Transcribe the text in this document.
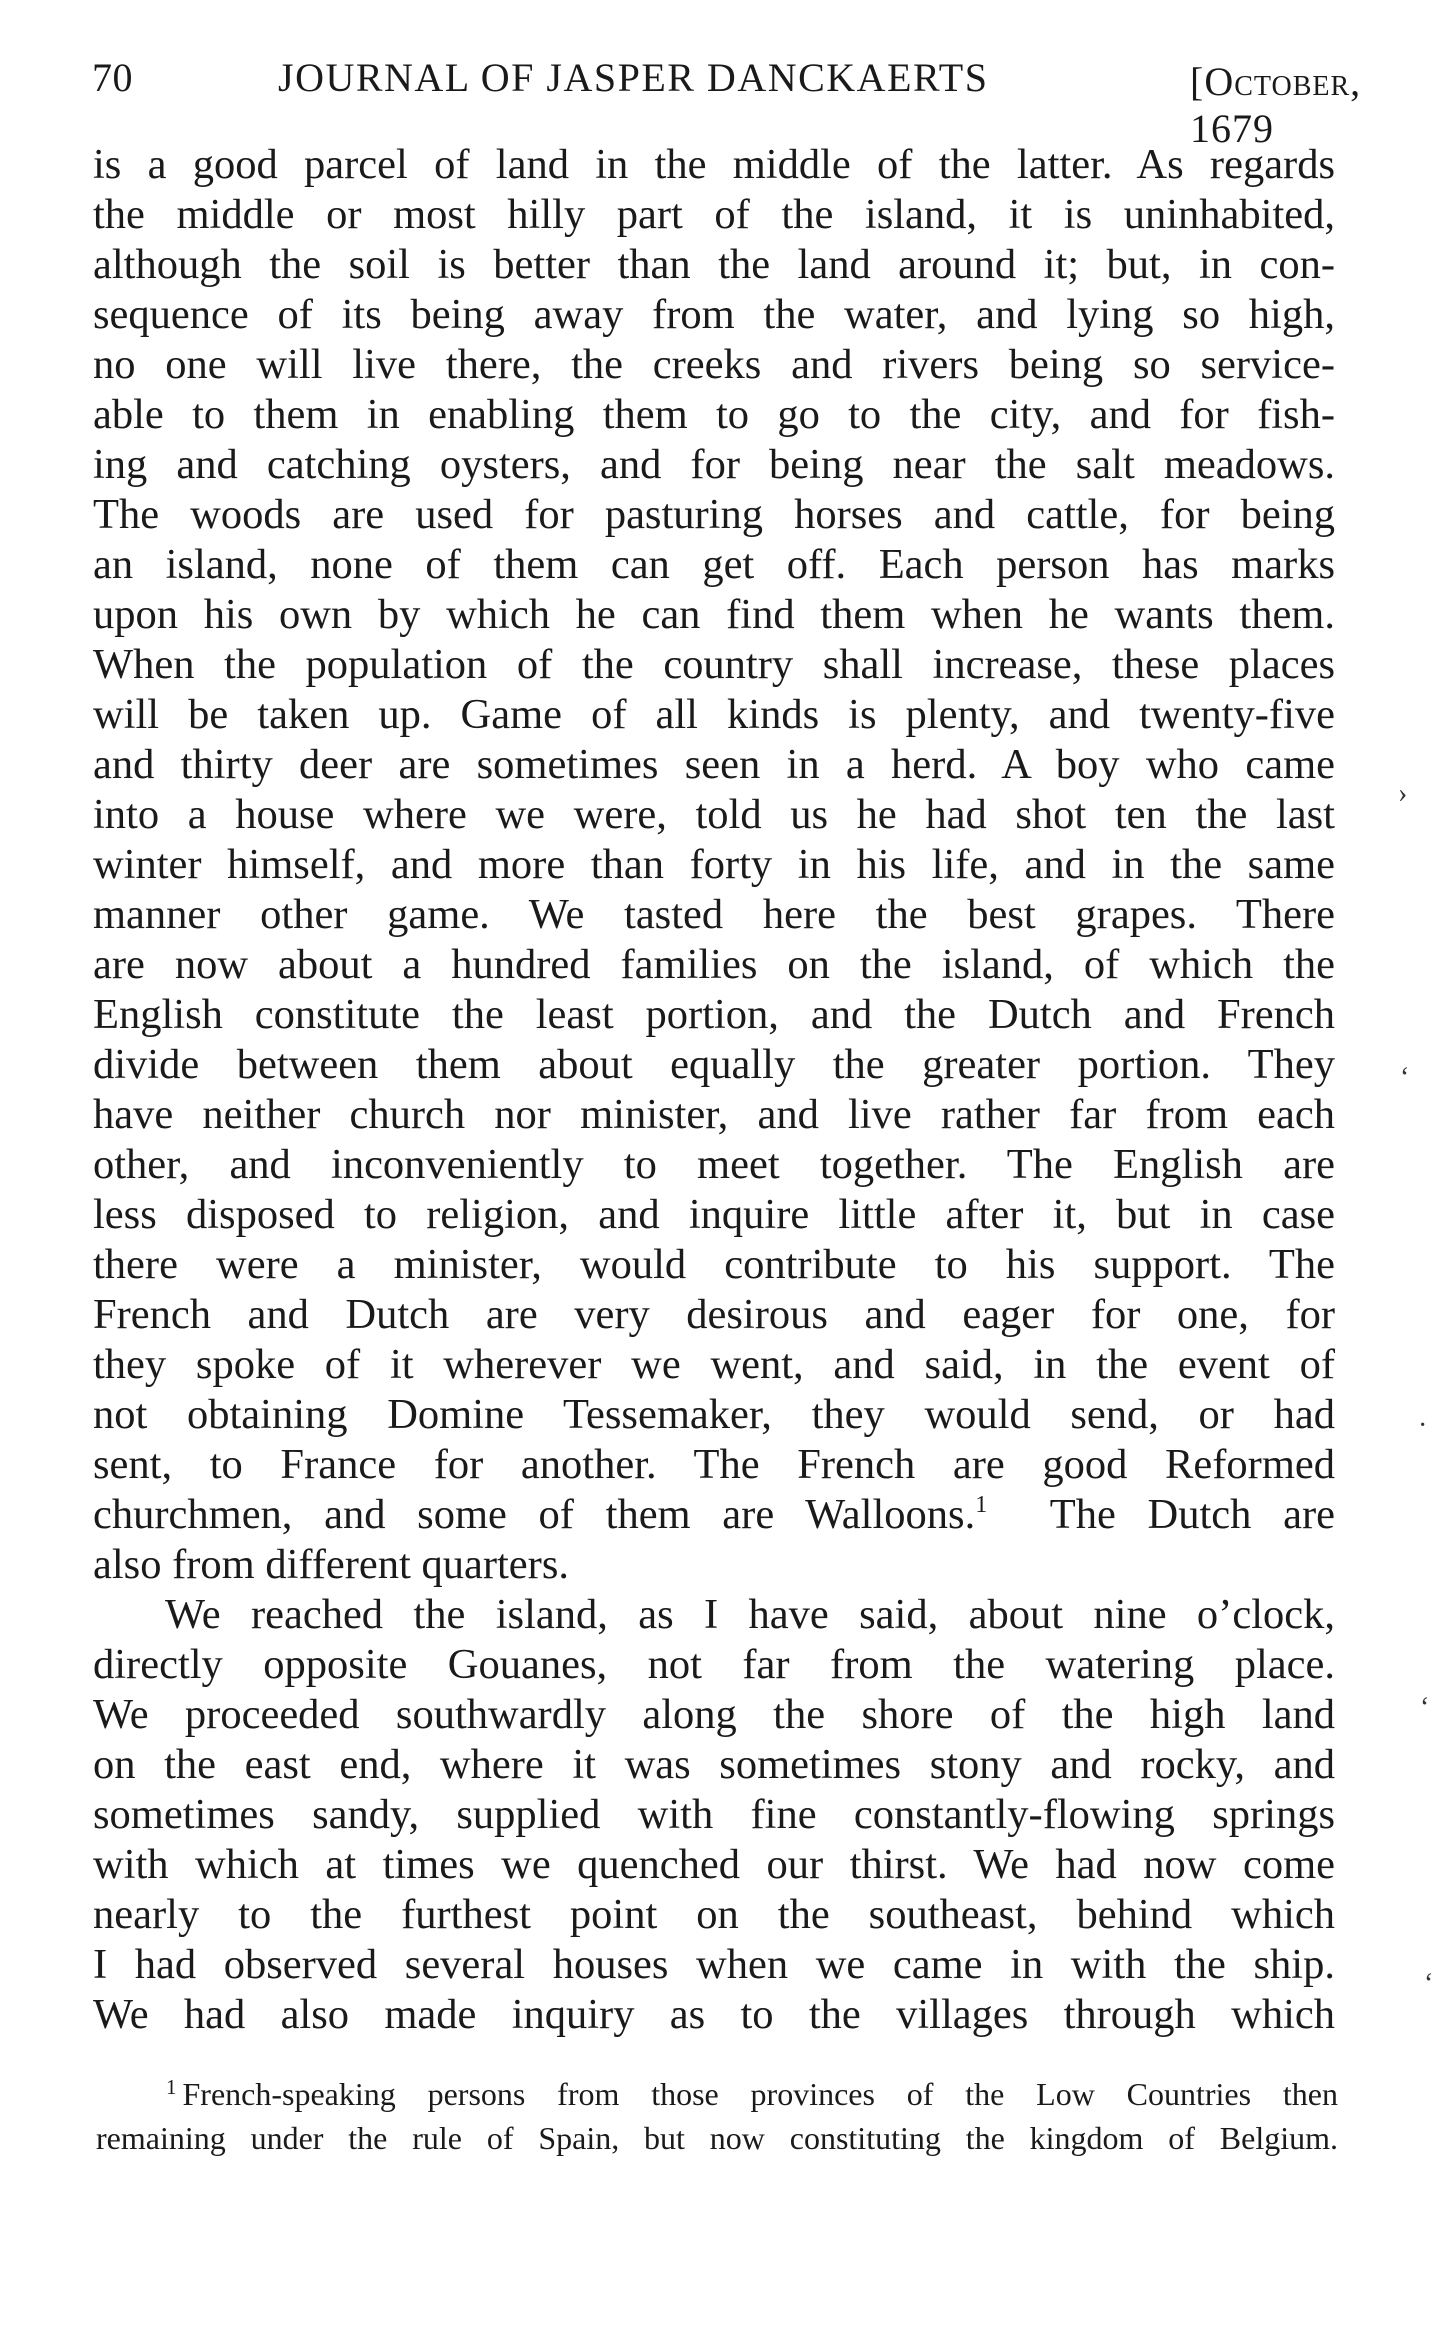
70	JOURNAL OF JASPER DANCKAERTS	[October, 1679
is a good parcel of land in the middle of the latter. As regards
the middle or most hilly part of the island, it is uninhabited,
although the soil is better than the land around it; but, in con-
sequence of its being away from the water, and lying so high,
no one will live there, the creeks and rivers being so service-
able to them in enabling them to go to the city, and for fish-
ing and catching oysters, and for being near the salt meadows.
The woods are used for pasturing horses and cattle, for being
an island, none of them can get off. Each person has marks
upon his own by which he can find them when he wants them.
When the population of the country shall increase, these places
will be taken up. Game of all kinds is plenty, and twenty-five
and thirty deer are sometimes seen in a herd. A boy who came
into a house where we were, told us he had shot ten the last
winter himself, and more than forty in his life, and in the same
manner other game. We tasted here the best grapes. There
are now about a hundred families on the island, of which the
English constitute the least portion, and the Dutch and French
divide between them about equally the greater portion. They
have neither church nor minister, and live rather far from each
other, and inconveniently to meet together. The English are
less disposed to religion, and inquire little after it, but in case
there were a minister, would contribute to his support. The
French and Dutch are very desirous and eager for one, for
they spoke of it wherever we went, and said, in the event of
not obtaining Domine Tessemaker, they would send, or had
sent, to France for another. The French are good Reformed
churchmen, and some of them are Walloons.$^1$  The Dutch are
also from different quarters.
We reached the island, as I have said, about nine o’clock,
directly opposite Gouanes, not far from the watering place.
We proceeded southwardly along the shore of the high land
on the east end, where it was sometimes stony and rocky, and
sometimes sandy, supplied with fine constantly-flowing springs
with which at times we quenched our thirst. We had now come
nearly to the furthest point on the southeast, behind which
I had observed several houses when we came in with the ship.
We had also made inquiry as to the villages through which
$^1$ French-speaking persons from those provinces of the Low Countries then
remaining under the rule of Spain, but now constituting the kingdom of Belgium.
›
‘
·
‘
‘
